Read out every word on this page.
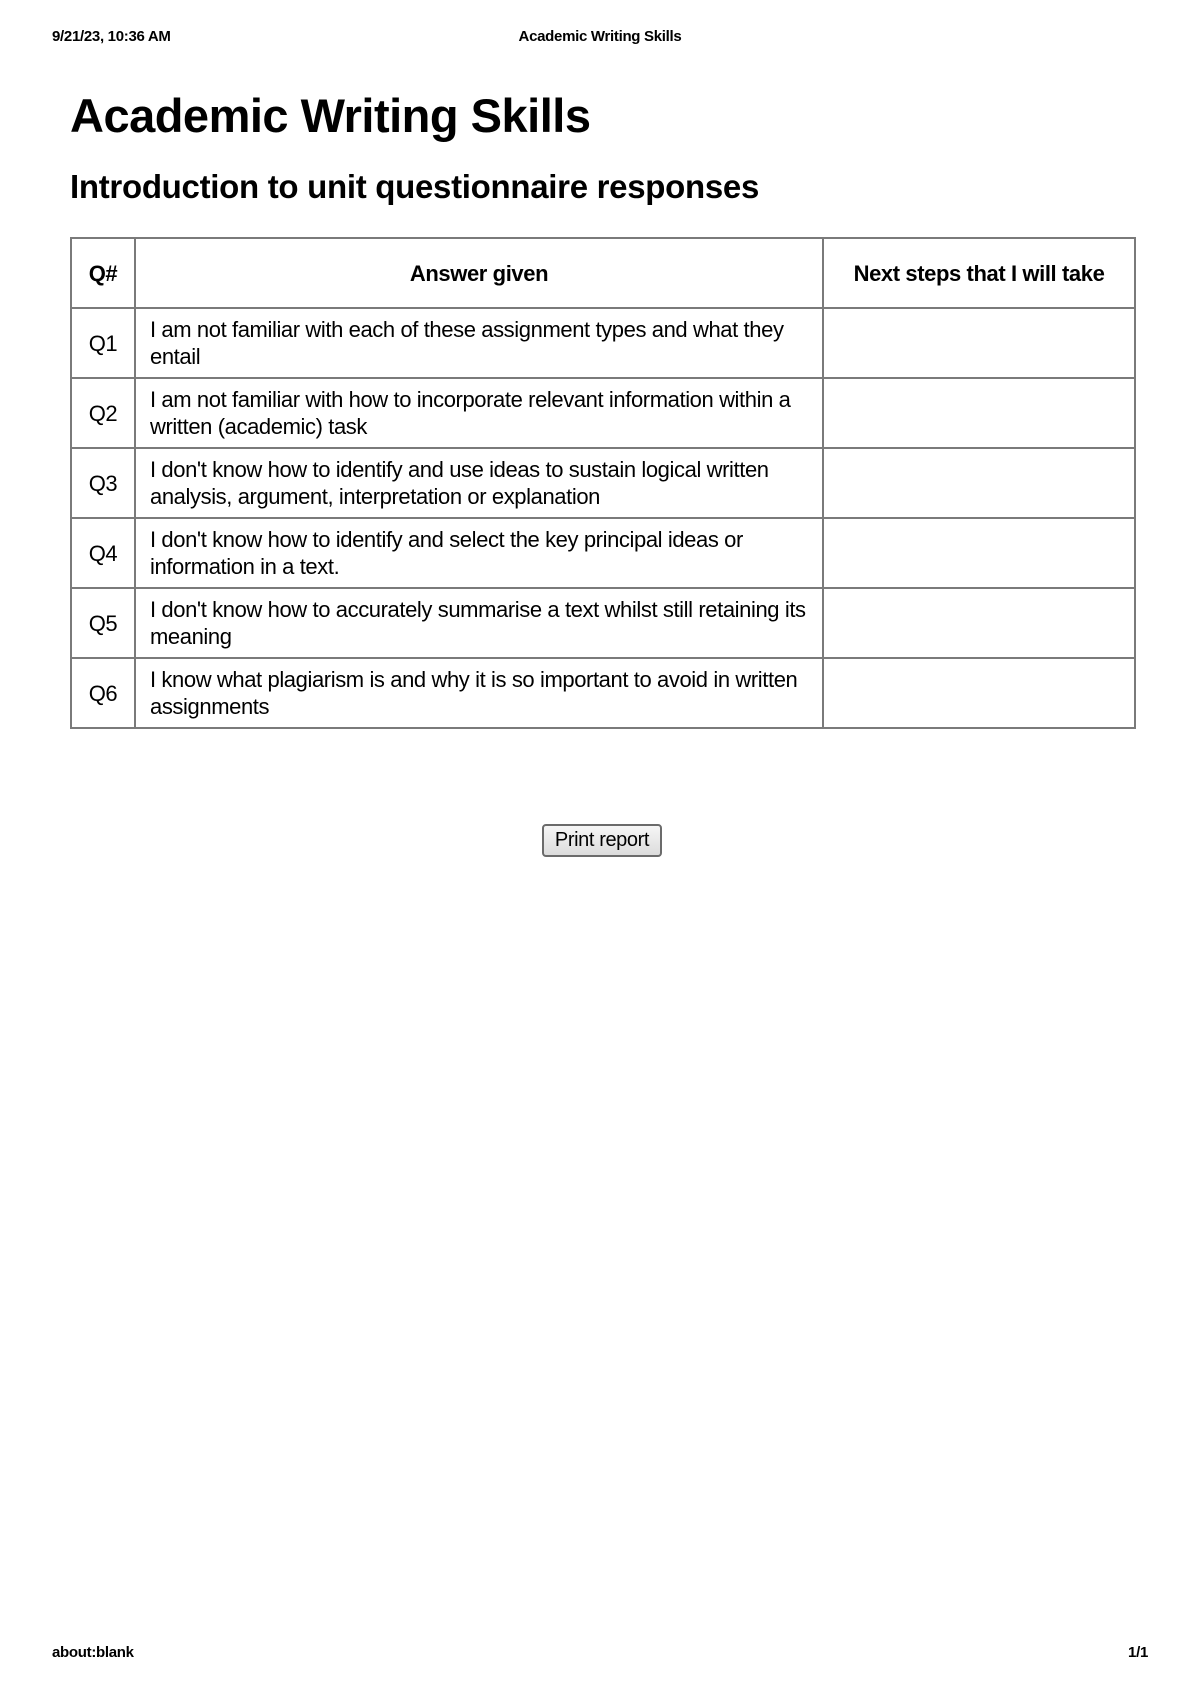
9/21/23, 10:36 AM	Academic Writing Skills
Academic Writing Skills
Introduction to unit questionnaire responses
Q#	Answer given	Next steps that I will take
Q1	I am not familiar with each of these assignment types and what they entail	
Q2	I am not familiar with how to incorporate relevant information within a written (academic) task	
Q3	I don't know how to identify and use ideas to sustain logical written analysis, argument, interpretation or explanation	
Q4	I don't know how to identify and select the key principal ideas or information in a text.	
Q5	I don't know how to accurately summarise a text whilst still retaining its meaning	
Q6	I know what plagiarism is and why it is so important to avoid in written assignments	
Print report
about:blank	1/1
